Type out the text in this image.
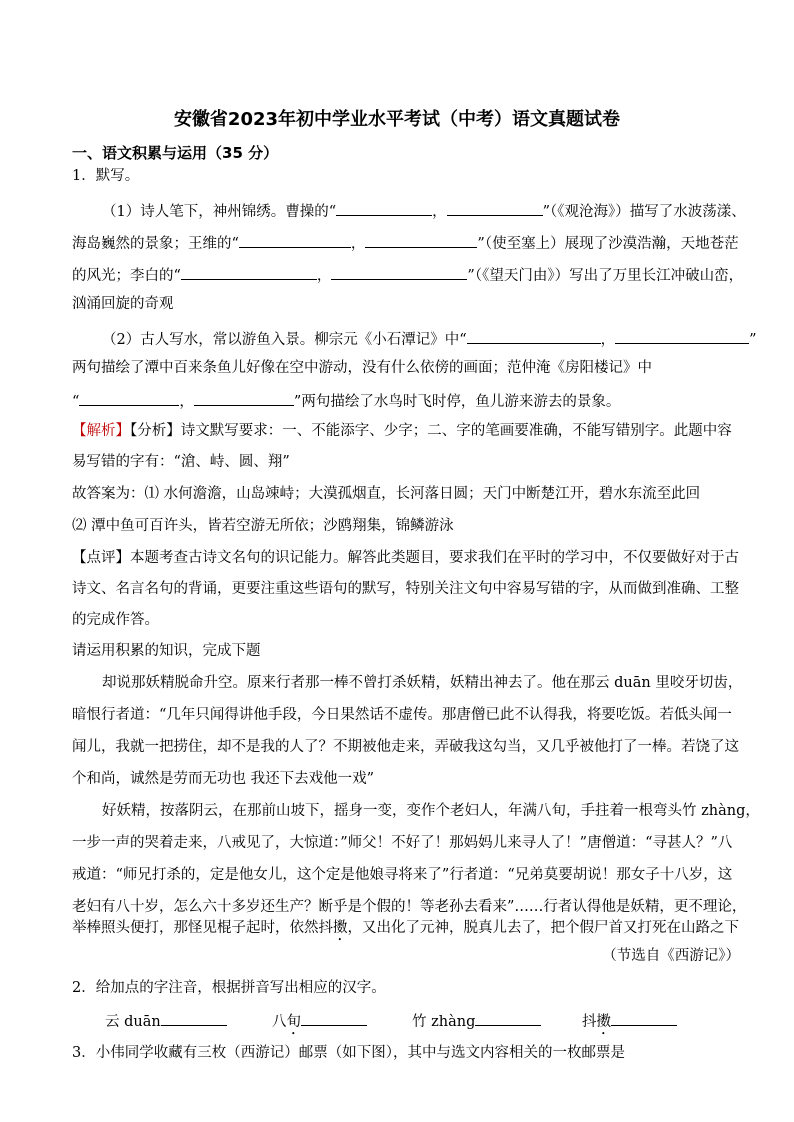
安徽省2023年初中学业水平考试（中考）语文真题试卷
一、语文积累与运用（35 分）
1．默写。
（1）诗人笔下，神州锦绣。曹操的“	，	”（《观沧海》）描写了水波荡漾、
海岛巍然的景象；王维的“	，	”（使至塞上）展现了沙漠浩瀚，天地苍茫
的风光；李白的“	，	”（《望天门由》）写出了万里长江冲破山峦，
汹涌回旋的奇观
（2）古人写水，常以游鱼入景。柳宗元《小石潭记》中“	，	”
两句描绘了潭中百来条鱼儿好像在空中游动，没有什么依傍的画面；范仲淹《房阳楼记》中
“	，	”两句描绘了水鸟时飞时停，鱼儿游来游去的景象。
【解析】【分析】诗文默写要求：一、不能添字、少字；二、字的笔画要准确，不能写错别字。此题中容
易写错的字有：“滄、峙、圆、翔”
故答案为：⑴ 水何澹澹，山岛竦峙；大漠孤烟直，长河落日圆；天门中断楚江开，碧水东流至此回
⑵ 潭中鱼可百许头，皆若空游无所依；沙鸥翔集，锦鳞游泳
【点评】本题考查古诗文名句的识记能力。解答此类题目，要求我们在平时的学习中，不仅要做好对于古
诗文、名言名句的背诵，更要注重这些语句的默写，特别关注文句中容易写错的字，从而做到准确、工整
的完成作答。
请运用积累的知识，完成下题
却说那妖精脱命升空。原来行者那一棒不曾打杀妖精，妖精出神去了。他在那云 duān 里咬牙切齿，
暗恨行者道：“几年只闻得讲他手段，今日果然话不虚传。那唐僧已此不认得我，将要吃饭。若低头闻一
闻儿，我就一把捞住，却不是我的人了？不期被他走来，弄破我这勾当，又几乎被他打了一棒。若饶了这
个和尚，诚然是劳而无功也 我还下去戏他一戏”
好妖精，按落阴云，在那前山坡下，摇身一变，变作个老妇人，年满八旬，手拄着一根弯头竹 zhàng，
一步一声的哭着走来，八戒见了，大惊道：”师父！不好了！那妈妈儿来寻人了！”唐僧道：“寻甚人？”八
戒道：“师兄打杀的，定是他女儿，这个定是他娘寻将来了”行者道：“兄弟莫要胡说！那女子十八岁，这
老妇有八十岁，怎么六十多岁还生产？断乎是个假的！等老孙去看来”……行者认得他是妖精，更不理论，
举棒照头便打，那怪见棍子起时，依然抖擞，又出化了元神，脱真儿去了，把个假尸首又打死在山路之下
（节选自《西游记》）
2．给加点的字注音，根据拼音写出相应的汉字。
云 duān	八旬	竹 zhàng	抖擞
3．小伟同学收藏有三枚（西游记）邮票（如下图），其中与选文内容相关的一枚邮票是
